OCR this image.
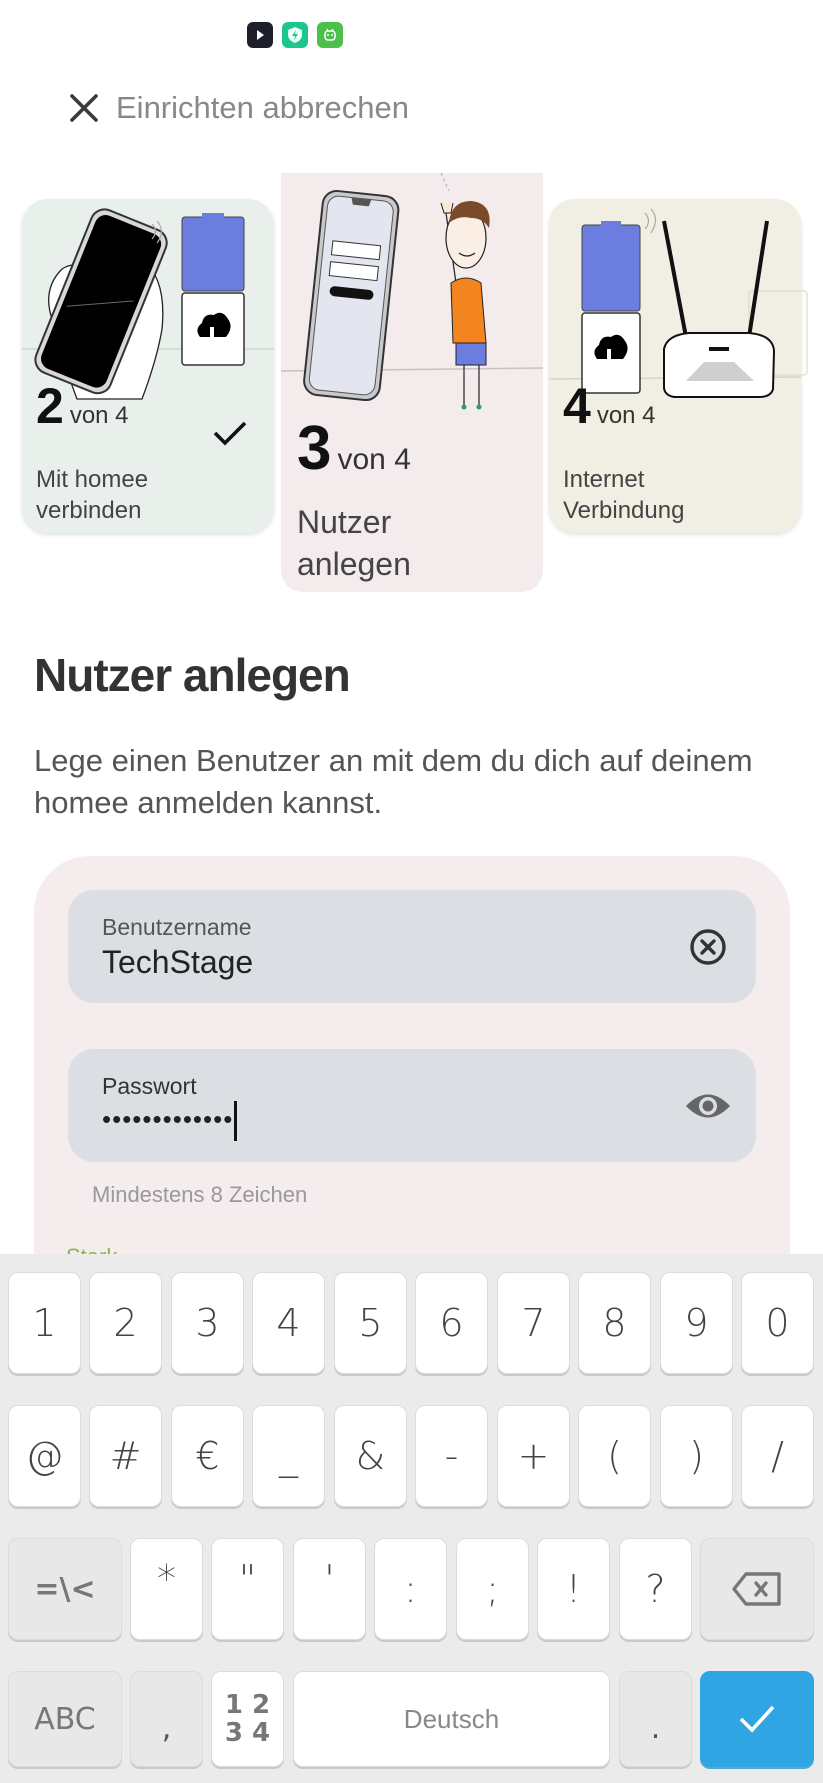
Einrichten abbrechen
2 von 4
Mit homee
verbinden
3 von 4
Nutzer
anlegen
4 von 4
Internet
Verbindung
Nutzer anlegen

Lege einen Benutzer an mit dem du dich auf deinem homee anmelden kannst.

Benutzername
TechStage
Passwort
•••••••••••••
Mindestens 8 Zeichen
1 2 3 4 5 6 7 8 9 0
@ # € _ & - + ( ) /
=\< * " ' : ; ! ?
ABC ,
1 2
3 4	Deutsch	.
